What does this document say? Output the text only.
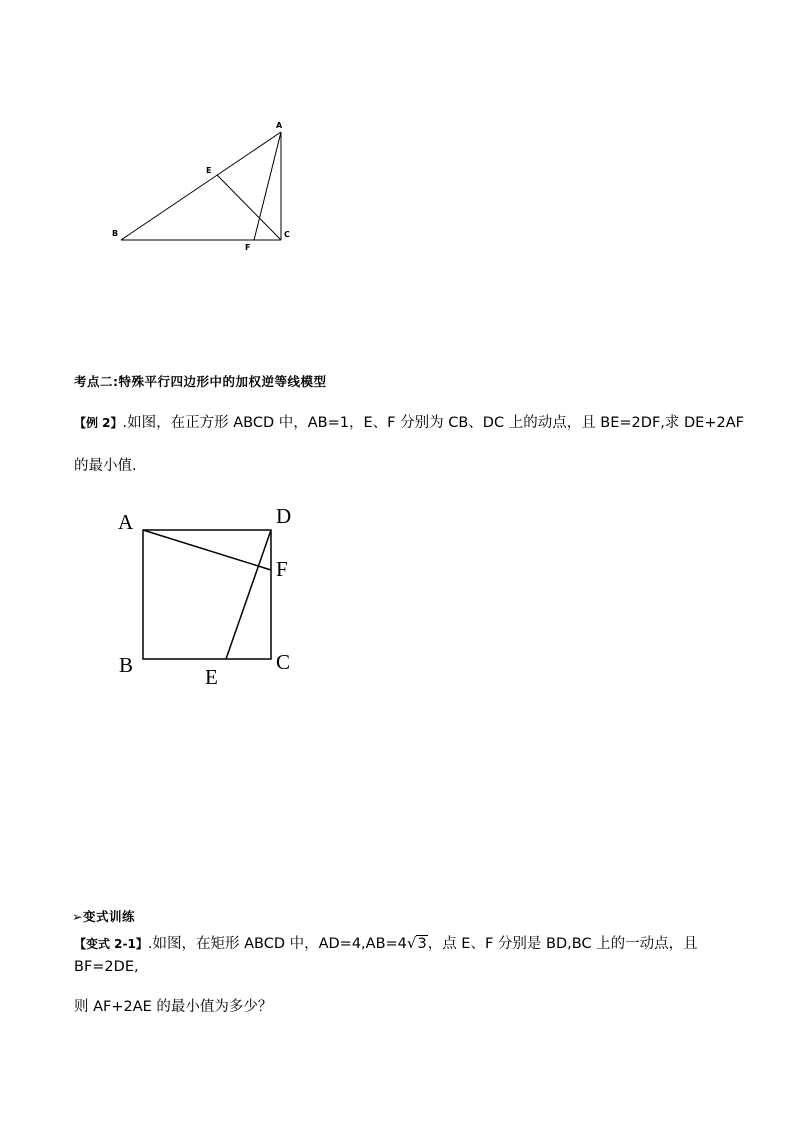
A
B	C
E
F
考点二:特殊平行四边形中的加权逆等线模型
【例 2】.如图，在正方形 ABCD 中，AB=1，E、F 分别为 CB、DC 上的动点，且 BE=2DF,求 DE+2AF
的最小值.
A	D
F
B	C
E
➢变式训练
【变式 2-1】.如图，在矩形 ABCD 中，AD=4,AB=4√3，点 E、F 分别是 BD,BC 上的一动点，且
BF=2DE,
则 AF+2AE 的最小值为多少？
